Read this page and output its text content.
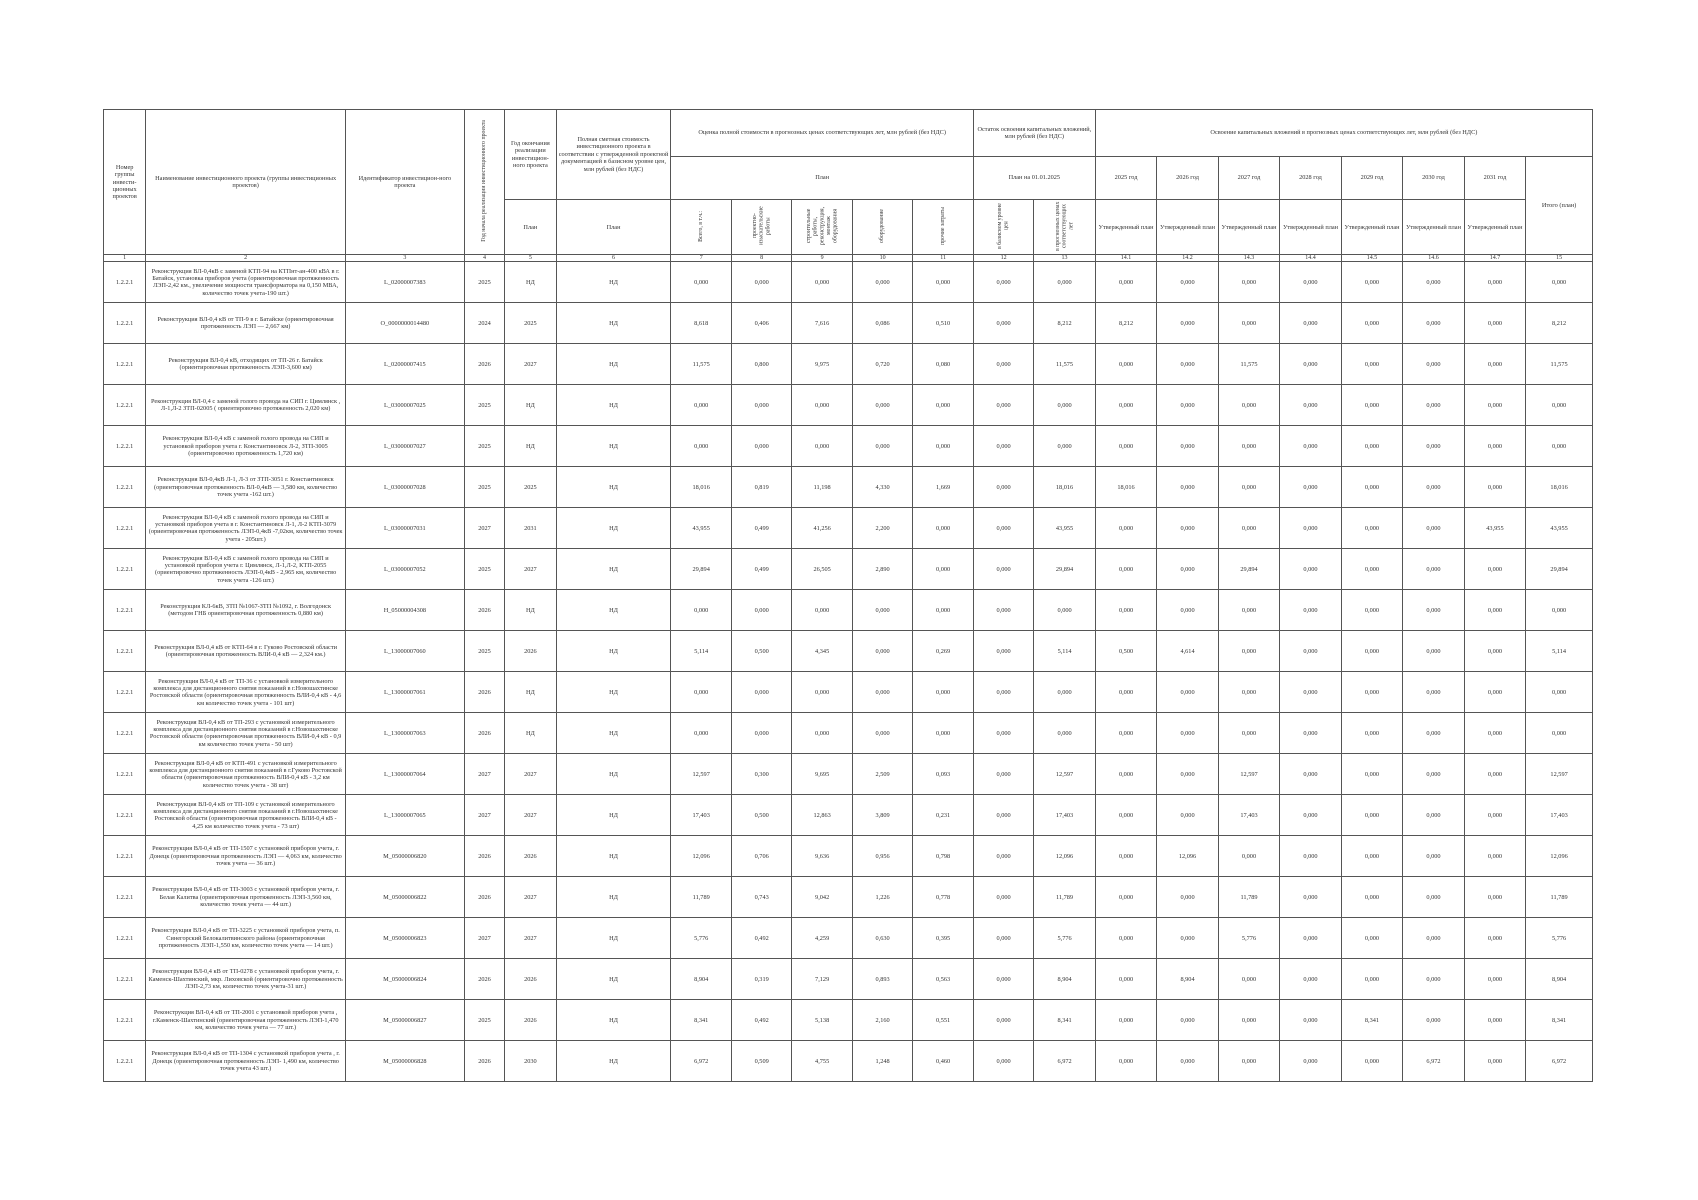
Номер группы инвести-ционных проектов	Наименование инвестиционного проекта (группы инвестиционных проектов)	Идентификатор инвестицион-ного проекта	Год начала реализации инвестиционного проекта	Год окончания реализации инвестицион-ного проекта	Полная сметная стоимость инвестиционного проекта в соответствии с утвержденной проектной документацией в базисном уровне цен, млн рублей (без НДС)	Оценка полной стоимости в прогнозных ценах соответствующих лет, млн рублей (без НДС)					Остаток освоения капитальных вложений, млн рублей (без НДС)		Освоение капитальных вложений в прогнозных ценах соответствующих лет, млн рублей (без НДС)							
						План					План на 01.01.2025		2025 год	2026 год	2027 год	2028 год	2029 год	2030 год	2031 год	Итого (план)
				План	План	Всего, в т.ч.:	проектно-изыскательские работы	строительные работы, реконструкция, монтаж оборудования	оборудование	прочие затраты	в базисном уровне цен	в прогнозных ценах соответствующих лет	Утвержденный план	Утвержденный план	Утвержденный план	Утвержденный план	Утвержденный план	Утвержденный план	Утвержденный план	
1	2	3	4	5	6	7	8	9	10	11	12	13	14.1	14.2	14.3	14.4	14.5	14.6	14.7	15
1.2.2.1	Реконструкция ВЛ-0,4кВ с заменой КТП-94 на КТПнт-ан-400 кВА в г. Батайск, установка приборов учета (ориентировочная протяженность ЛЭП-2,42 км., увеличение мощности трансформатора на 0,150 МВА, количество точек учета-190 шт.)	L_02000007383	2025	НД	НД	0,000	0,000	0,000	0,000	0,000	0,000	0,000	0,000	0,000	0,000	0,000	0,000	0,000	0,000	0,000
1.2.2.1	Реконструкция ВЛ-0,4 кВ от ТП-9 в г. Батайске (ориентировочная протяженность ЛЭП — 2,667 км)	O_0000000014480	2024	2025	НД	8,618	0,406	7,616	0,086	0,510	0,000	8,212	8,212	0,000	0,000	0,000	0,000	0,000	0,000	8,212
1.2.2.1	Реконструкция ВЛ-0,4 кВ, отходящих от ТП-26 г. Батайск (ориентировочная протяженность ЛЭП-3,600 км)	L_02000007415	2026	2027	НД	11,575	0,800	9,975	0,720	0,080	0,000	11,575	0,000	0,000	11,575	0,000	0,000	0,000	0,000	11,575
1.2.2.1	Реконструкция ВЛ-0,4 с заменой голого провода на СИП г. Цимлянск , Л-1,Л-2 ЗТП-02005 ( ориентировочно протяженность 2,020 км)	L_03000007025	2025	НД	НД	0,000	0,000	0,000	0,000	0,000	0,000	0,000	0,000	0,000	0,000	0,000	0,000	0,000	0,000	0,000
1.2.2.1	Реконструкция ВЛ-0,4 кВ с заменой голого провода на СИП и установкой приборов учета г. Константиновск Л-2, ЗТП-3005 (ориентировочно протяженность 1,720 км)	L_03000007027	2025	НД	НД	0,000	0,000	0,000	0,000	0,000	0,000	0,000	0,000	0,000	0,000	0,000	0,000	0,000	0,000	0,000
1.2.2.1	Реконструкция ВЛ-0,4кВ Л-1, Л-3 от ЗТП-3051 г. Константиновск (ориентировочная протяженность ВЛ-0,4кВ — 3,580 км, количество точек учета -162 шт.)	L_03000007028	2025	2025	НД	18,016	0,819	11,198	4,330	1,669	0,000	18,016	18,016	0,000	0,000	0,000	0,000	0,000	0,000	18,016
1.2.2.1	Реконструкция ВЛ-0,4 кВ с заменой голого провода на СИП и установкой приборов учета в г. Константиновск Л-1, Л-2 КТП-3079 (ориентировочная протяженность ЛЭП-0,4кВ -7,02км, количество точек учета - 205шт.)	L_03000007031	2027	2031	НД	43,955	0,499	41,256	2,200	0,000	0,000	43,955	0,000	0,000	0,000	0,000	0,000	0,000	43,955	43,955
1.2.2.1	Реконструкция ВЛ-0,4 кВ с заменой голого провода на СИП и установкой приборов учета г. Цимлянск, Л-1,Л-2, КТП-2055 (ориентировочно протяженность ЛЭП-0,4кВ - 2,965 км, количество точек учета -126 шт.)	L_03000007052	2025	2027	НД	29,894	0,499	26,505	2,890	0,000	0,000	29,894	0,000	0,000	29,894	0,000	0,000	0,000	0,000	29,894
1.2.2.1	Реконструкция КЛ-6кВ, ЗТП №1067-ЗТП №1092, г. Волгодонск (методом ГНБ ориентировочная протяженность 0,880 км)	H_05000004308	2026	НД	НД	0,000	0,000	0,000	0,000	0,000	0,000	0,000	0,000	0,000	0,000	0,000	0,000	0,000	0,000	0,000
1.2.2.1	Реконструкция ВЛ-0,4 кВ от КТП-64 в г. Гуково Ростовской области (ориентировочная протяженность ВЛИ-0,4 кВ — 2,324 км.)	L_13000007060	2025	2026	НД	5,114	0,500	4,345	0,000	0,269	0,000	5,114	0,500	4,614	0,000	0,000	0,000	0,000	0,000	5,114
1.2.2.1	Реконструкция ВЛ-0,4 кВ от ТП-36 с установкой измерительного комплекса для дистанционного снятия показаний в г.Новошахтинске Ростовской области (ориентировочная протяженность ВЛИ-0,4 кВ - 4,6 км количество точек учета - 101 шт)	L_13000007061	2026	НД	НД	0,000	0,000	0,000	0,000	0,000	0,000	0,000	0,000	0,000	0,000	0,000	0,000	0,000	0,000	0,000
1.2.2.1	Реконструкция ВЛ-0,4 кВ от ТП-293 с установкой измерительного комплекса для дистанционного снятия показаний в г.Новошахтинске Ростовской области (ориентировочная протяженность ВЛИ-0,4 кВ - 0,9 км количество точек учета - 50 шт)	L_13000007063	2026	НД	НД	0,000	0,000	0,000	0,000	0,000	0,000	0,000	0,000	0,000	0,000	0,000	0,000	0,000	0,000	0,000
1.2.2.1	Реконструкция ВЛ-0,4 кВ от КТП-491 с установкой измерительного комплекса для дистанционного снятия показаний в г.Гуково Ростовской области (ориентировочная протяженность ВЛИ-0,4 кВ - 3,2 км количество точек учета - 38 шт)	L_13000007064	2027	2027	НД	12,597	0,300	9,695	2,509	0,093	0,000	12,597	0,000	0,000	12,597	0,000	0,000	0,000	0,000	12,597
1.2.2.1	Реконструкция ВЛ-0,4 кВ от ТП-109 с установкой измерительного комплекса для дистанционного снятия показаний в г.Новошахтинске Ростовской области (ориентировочная протяженность ВЛИ-0,4 кВ - 4,25 км количество точек учета - 73 шт)	L_13000007065	2027	2027	НД	17,403	0,500	12,863	3,809	0,231	0,000	17,403	0,000	0,000	17,403	0,000	0,000	0,000	0,000	17,403
1.2.2.1	Реконструкция ВЛ-0,4 кВ от ТП-1507 с установкой приборов учета, г. Донецк (ориентировочная протяженность ЛЭП — 4,063 км, количество точек учета — 36 шт.)	M_05000006820	2026	2026	НД	12,096	0,706	9,636	0,956	0,798	0,000	12,096	0,000	12,096	0,000	0,000	0,000	0,000	0,000	12,096
1.2.2.1	Реконструкция ВЛ-0,4 кВ от ТП-3003 с установкой приборов учета, г. Белая Калитва (ориентировочная протяженность ЛЭП-3,560 км, количество точек учета — 44 шт.)	M_05000006822	2026	2027	НД	11,789	0,743	9,042	1,226	0,778	0,000	11,789	0,000	0,000	11,789	0,000	0,000	0,000	0,000	11,789
1.2.2.1	Реконструкция ВЛ-0,4 кВ от ТП-3225 с установкой приборов учета, п. Синегорский Белокалитвинского района (ориентировочная протяженность ЛЭП-1,550 км, количество точек учета — 14 шт.)	M_05000006823	2027	2027	НД	5,776	0,492	4,259	0,630	0,395	0,000	5,776	0,000	0,000	5,776	0,000	0,000	0,000	0,000	5,776
1.2.2.1	Реконструкция ВЛ-0,4 кВ от ТП-0278 с установкой приборов учета, г. Каменск-Шахтинский, мкр. Лиховской (ориентировочно протяженность ЛЭП-2,73 км, количество точек учета-31 шт.)	M_05000006824	2026	2026	НД	8,904	0,319	7,129	0,893	0,563	0,000	8,904	0,000	8,904	0,000	0,000	0,000	0,000	0,000	8,904
1.2.2.1	Реконструкция ВЛ-0,4 кВ от ТП-2001 с установкой приборов учета , г.Каменск-Шахтинский (ориентировочная протяженность ЛЭП-1,470 км, количество точек учета — 77 шт.)	M_05000006827	2025	2026	НД	8,341	0,492	5,138	2,160	0,551	0,000	8,341	0,000	0,000	0,000	0,000	8,341	0,000	0,000	8,341
1.2.2.1	Реконструкция ВЛ-0,4 кВ от ТП-1304 с установкой приборов учета , г. Донецк (ориентировочная протяженность ЛЭП- 1,490 км, количество точек учета 43 шт.)	M_05000006828	2026	2030	НД	6,972	0,509	4,755	1,248	0,460	0,000	6,972	0,000	0,000	0,000	0,000	0,000	6,972	0,000	6,972
